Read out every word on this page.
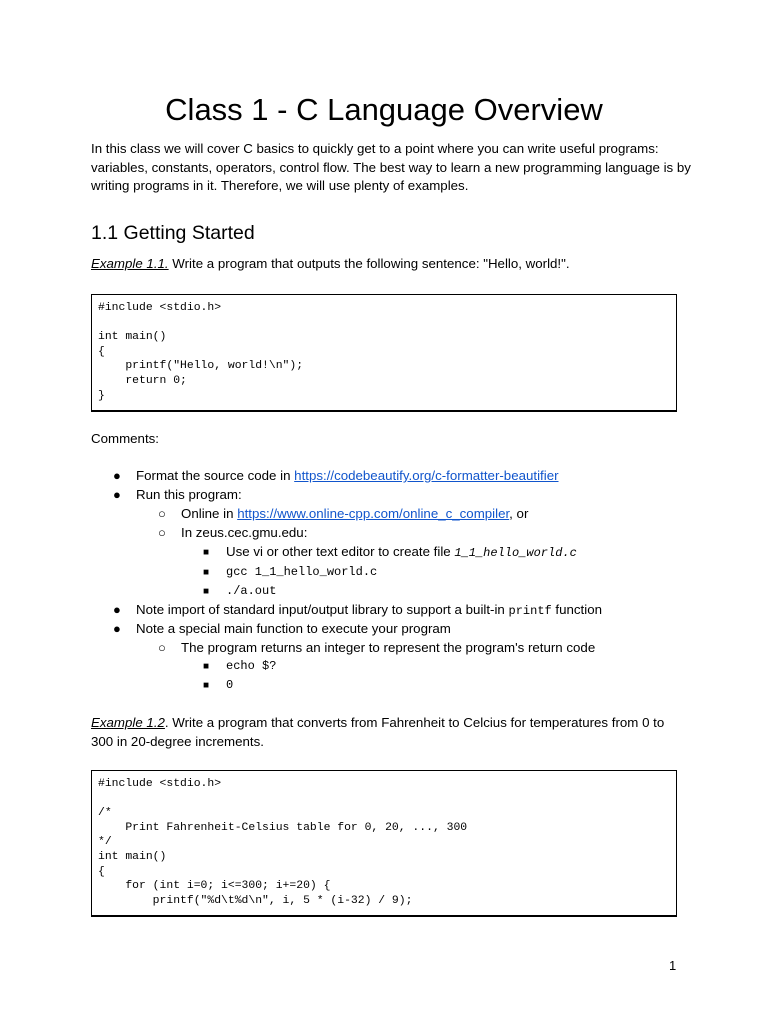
Class 1 - C Language Overview
In this class we will cover C basics to quickly get to a point where you can write useful programs: variables, constants, operators, control flow. The best way to learn a new programming language is by writing programs in it. Therefore, we will use plenty of examples.
1.1 Getting Started
Example 1.1. Write a program that outputs the following sentence: "Hello, world!".
#include <stdio.h>
int main()
{
printf("Hello, world!\n");
return 0;
}
Comments:
● Format the source code in https://codebeautify.org/c-formatter-beautifier
● Run this program:
○ Online in https://www.online-cpp.com/online_c_compiler, or
○ In zeus.cec.gmu.edu:
■ Use vi or other text editor to create file 1_1_hello_world.c
■ gcc 1_1_hello_world.c
■ ./a.out
● Note import of standard input/output library to support a built-in printf function
● Note a special main function to execute your program
○ The program returns an integer to represent the program's return code
■ echo $?
■ 0
Example 1.2. Write a program that converts from Fahrenheit to Celcius for temperatures from 0 to 300 in 20-degree increments.
#include <stdio.h>
/*
Print Fahrenheit-Celsius table for 0, 20, ..., 300
*/
int main()
{
for (int i=0; i<=300; i+=20) {
printf("%d\t%d\n", i, 5 * (i-32) / 9);
1
